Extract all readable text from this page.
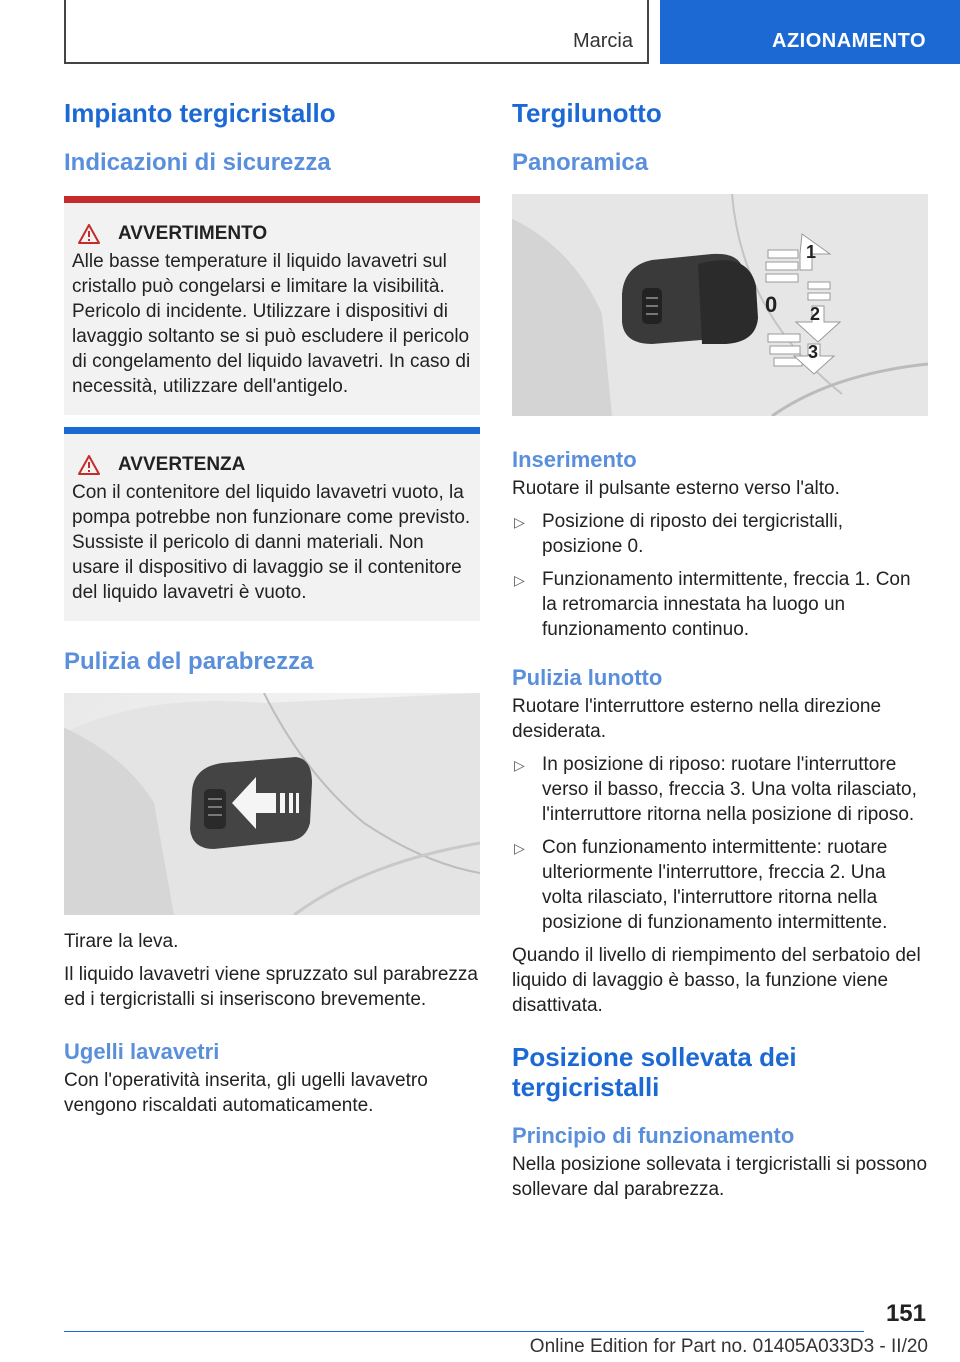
Marcia	AZIONAMENTO
Impianto tergicristallo
Indicazioni di sicurezza
AVVERTIMENTO

Alle basse temperature il liquido lavavetri sul cristallo può congelarsi e limitare la visibilità. Pericolo di incidente. Utilizzare i dispositivi di lavaggio soltanto se si può escludere il pericolo di congelamento del liquido lavavetri. In caso di necessità, utilizzare dell'antigelo.

AVVERTENZA

Con il contenitore del liquido lavavetri vuoto, la pompa potrebbe non funzionare come previsto. Sussiste il pericolo di danni materiali. Non usare il dispositivo di lavaggio se il contenitore del liquido lavavetri è vuoto.

Pulizia del parabrezza

Tirare la leva.

Il liquido lavavetri viene spruzzato sul parabrezza ed i tergicristalli si inseriscono brevemente.

Ugelli lavavetri

Con l'operatività inserita, gli ugelli lavavetro vengono riscaldati automaticamente.

Tergilunotto
Panoramica
1
0 2
3
Inserimento

Ruotare il pulsante esterno verso l'alto.

▷ Posizione di riposto dei tergicristalli, posizione 0.
▷ Funzionamento intermittente, freccia 1. Con la retromarcia innestata ha luogo un funzionamento continuo.
Pulizia lunotto

Ruotare l'interruttore esterno nella direzione desiderata.

▷ In posizione di riposo: ruotare l'interruttore verso il basso, freccia 3. Una volta rilasciato, l'interruttore ritorna nella posizione di riposo.
▷ Con funzionamento intermittente: ruotare ulteriormente l'interruttore, freccia 2. Una volta rilasciato, l'interruttore ritorna nella posizione di funzionamento intermittente.

Quando il livello di riempimento del serbatoio del liquido di lavaggio è basso, la funzione viene disattivata.

Posizione sollevata dei tergicristalli
Principio di funzionamento

Nella posizione sollevata i tergicristalli si possono sollevare dal parabrezza.

151
Online Edition for Part no. 01405A033D3 - II/20
